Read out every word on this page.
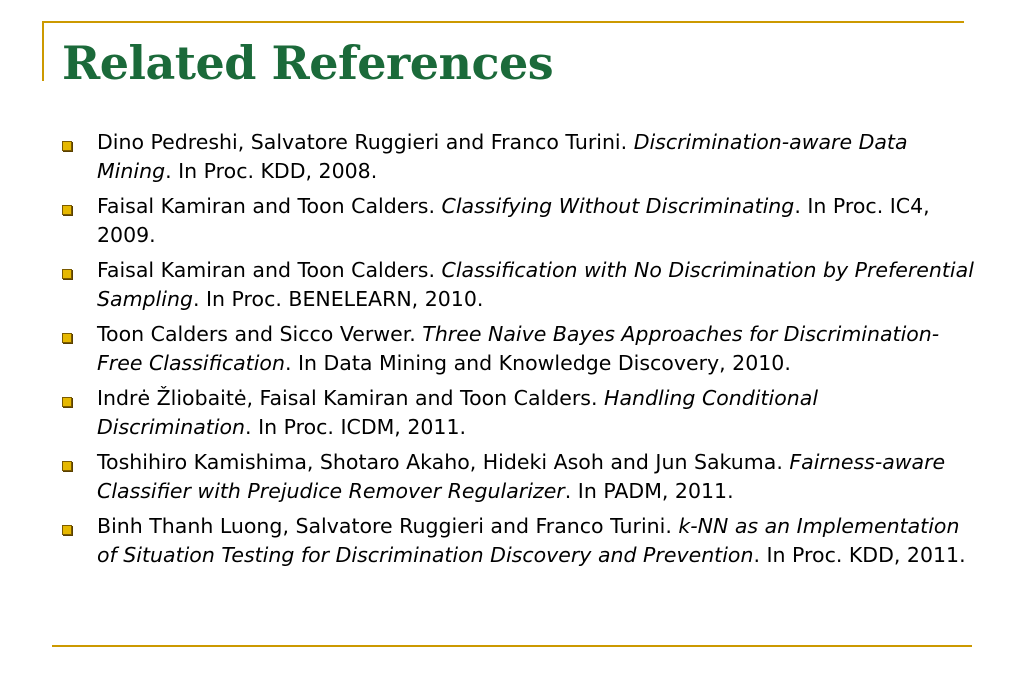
Related References
Dino Pedreshi, Salvatore Ruggieri and Franco Turini. Discrimination-aware Data Mining. In Proc. KDD, 2008.
Faisal Kamiran and Toon Calders. Classifying Without Discriminating. In Proc. IC4, 2009.
Faisal Kamiran and Toon Calders. Classification with No Discrimination by Preferential Sampling. In Proc. BENELEARN, 2010.
Toon Calders and Sicco Verwer. Three Naive Bayes Approaches for Discrimination-Free Classification. In Data Mining and Knowledge Discovery, 2010.
Indrė Žliobaitė, Faisal Kamiran and Toon Calders. Handling Conditional Discrimination. In Proc. ICDM, 2011.
Toshihiro Kamishima, Shotaro Akaho, Hideki Asoh and Jun Sakuma. Fairness-aware Classifier with Prejudice Remover Regularizer. In PADM, 2011.
Binh Thanh Luong, Salvatore Ruggieri and Franco Turini. k-NN as an Implementation of Situation Testing for Discrimination Discovery and Prevention. In Proc. KDD, 2011.
